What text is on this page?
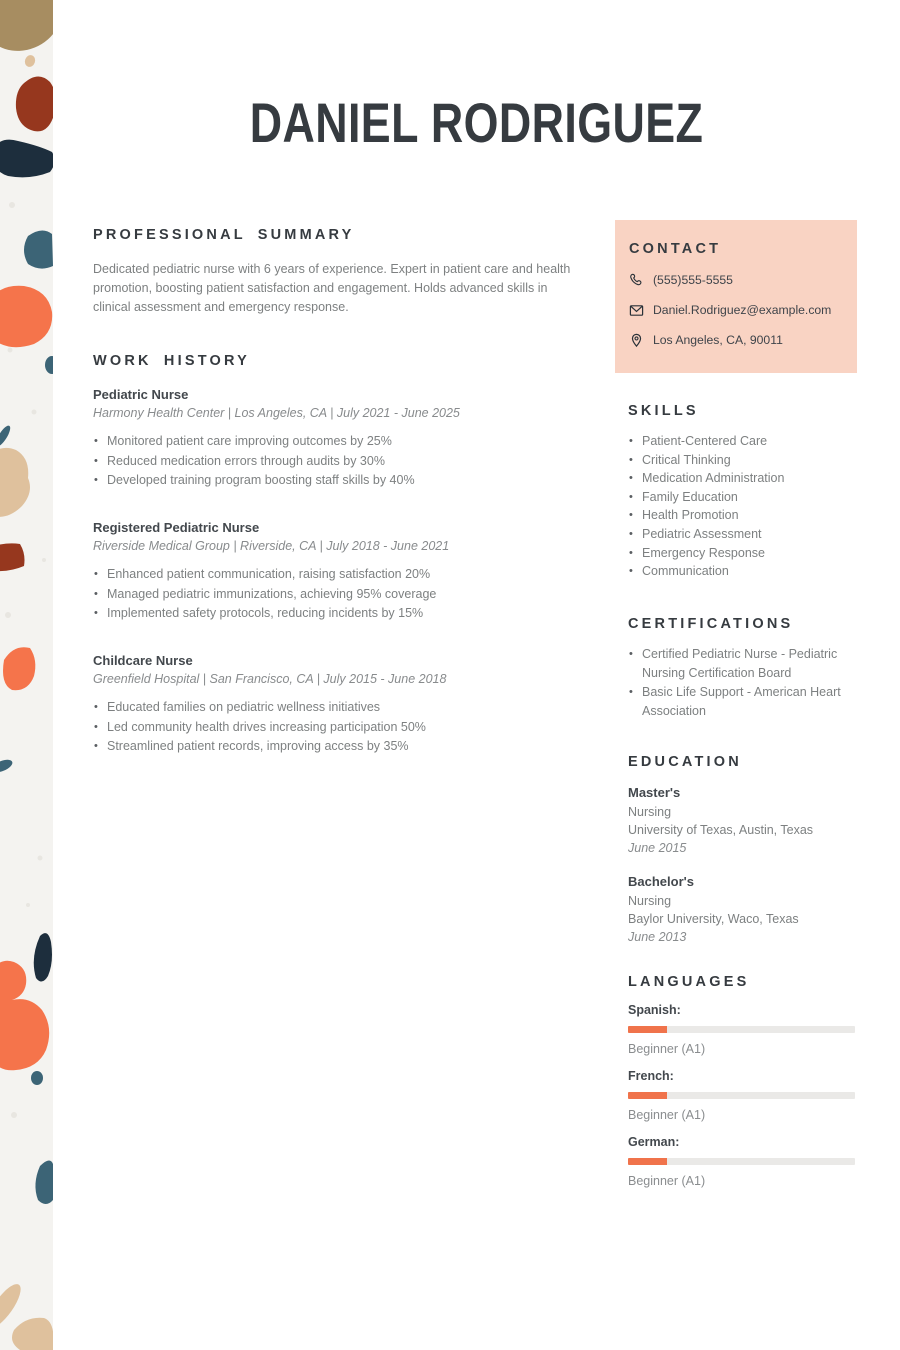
DANIEL RODRIGUEZ
PROFESSIONAL SUMMARY
Dedicated pediatric nurse with 6 years of experience. Expert in patient care and health promotion, boosting patient satisfaction and engagement. Holds advanced skills in clinical assessment and emergency response.
WORK HISTORY
Pediatric Nurse
Harmony Health Center | Los Angeles, CA | July 2021 - June 2025
• Monitored patient care improving outcomes by 25%
• Reduced medication errors through audits by 30%
• Developed training program boosting staff skills by 40%
Registered Pediatric Nurse
Riverside Medical Group | Riverside, CA | July 2018 - June 2021
• Enhanced patient communication, raising satisfaction 20%
• Managed pediatric immunizations, achieving 95% coverage
• Implemented safety protocols, reducing incidents by 15%
Childcare Nurse
Greenfield Hospital | San Francisco, CA | July 2015 - June 2018
• Educated families on pediatric wellness initiatives
• Led community health drives increasing participation 50%
• Streamlined patient records, improving access by 35%
CONTACT
(555)555-5555
Daniel.Rodriguez@example.com
Los Angeles, CA, 90011
SKILLS
• Patient-Centered Care
• Critical Thinking
• Medication Administration
• Family Education
• Health Promotion
• Pediatric Assessment
• Emergency Response
• Communication
CERTIFICATIONS
• Certified Pediatric Nurse - Pediatric Nursing Certification Board
• Basic Life Support - American Heart Association
EDUCATION
Master's
Nursing
University of Texas, Austin, Texas
June 2015
Bachelor's
Nursing
Baylor University, Waco, Texas
June 2013
LANGUAGES
Spanish:
Beginner (A1)
French:
Beginner (A1)
German:
Beginner (A1)
